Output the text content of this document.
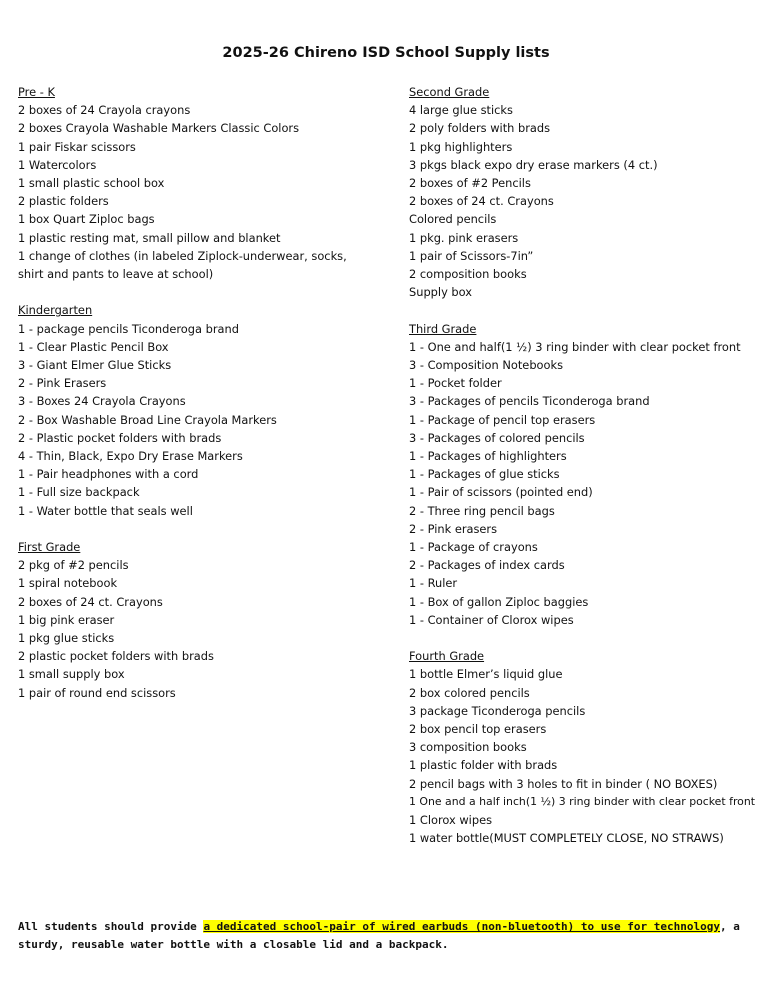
2025-26 Chireno ISD School Supply lists
Pre - K
2 boxes of 24 Crayola crayons
2 boxes Crayola Washable Markers Classic Colors
1 pair Fiskar scissors
1 Watercolors
1 small plastic school box
2 plastic folders
1 box Quart Ziploc bags
1 plastic resting mat, small pillow and blanket
1 change of clothes (in labeled Ziplock-underwear, socks, shirt and pants to leave at school)
Kindergarten
1 - package pencils Ticonderoga brand
1 - Clear Plastic Pencil Box
3 - Giant Elmer Glue Sticks
2 - Pink Erasers
3 - Boxes 24 Crayola Crayons
2 - Box Washable Broad Line Crayola Markers
2 - Plastic pocket folders with brads
4 - Thin, Black, Expo Dry Erase Markers
1 - Pair headphones with a cord
1 - Full size backpack
1 - Water bottle that seals well
First Grade
2 pkg of #2 pencils
1 spiral notebook
2 boxes of 24 ct. Crayons
1 big pink eraser
1 pkg glue sticks
2 plastic pocket folders with brads
1 small supply box
1 pair of round end scissors
Second Grade
4 large glue sticks
2 poly folders with brads
1 pkg highlighters
3 pkgs black expo dry erase markers (4 ct.)
2 boxes of #2 Pencils
2 boxes of 24 ct. Crayons
Colored pencils
1 pkg. pink erasers
1 pair of Scissors-7in”
2 composition books
Supply box
Third Grade
1 - One and half(1 ½) 3 ring binder with clear pocket front
3 - Composition Notebooks
1 - Pocket folder
3 - Packages of pencils Ticonderoga brand
1 - Package of pencil top erasers
3 - Packages of colored pencils
1 - Packages of highlighters
1 - Packages of glue sticks
1 - Pair of scissors (pointed end)
2 - Three ring pencil bags
2 - Pink erasers
1 - Package of crayons
2 - Packages of index cards
1 - Ruler
1 - Box of gallon Ziploc baggies
1 - Container of Clorox wipes
Fourth Grade
1 bottle Elmer’s liquid glue
2 box colored pencils
3 package Ticonderoga pencils
2 box pencil top erasers
3 composition books
1 plastic folder with brads
2 pencil bags with 3 holes to fit in binder ( NO BOXES)
1 One and a half inch(1 ½) 3 ring binder with clear pocket front
1 Clorox wipes
1 water bottle(MUST COMPLETELY CLOSE, NO STRAWS)
All students should provide a dedicated school-pair of wired earbuds (non-bluetooth) to use for technology, a sturdy, reusable water bottle with a closable lid and a backpack.
